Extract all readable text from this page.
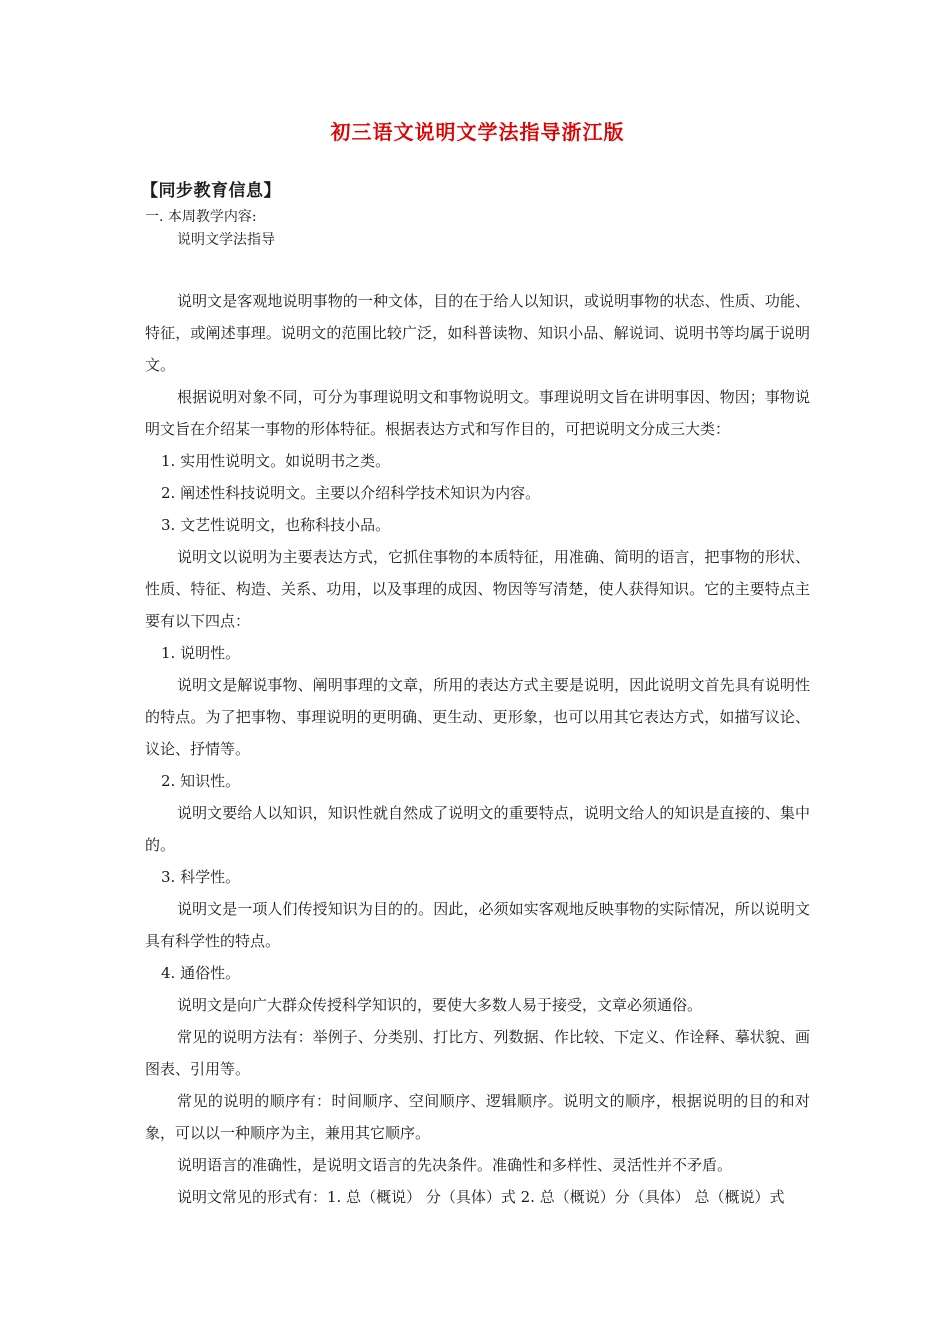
初三语文说明文学法指导浙江版
【同步教育信息】
一. 本周教学内容:
说明文学法指导

说明文是客观地说明事物的一种文体，目的在于给人以知识，或说明事物的状态、性质、功能、特征，或阐述事理。说明文的范围比较广泛，如科普读物、知识小品、解说词、说明书等均属于说明文。

根据说明对象不同，可分为事理说明文和事物说明文。事理说明文旨在讲明事因、物因；事物说明文旨在介绍某一事物的形体特征。根据表达方式和写作目的，可把说明文分成三大类：

1. 实用性说明文。如说明书之类。

2. 阐述性科技说明文。主要以介绍科学技术知识为内容。

3. 文艺性说明文，也称科技小品。

说明文以说明为主要表达方式，它抓住事物的本质特征，用准确、简明的语言，把事物的形状、性质、特征、构造、关系、功用，以及事理的成因、物因等写清楚，使人获得知识。它的主要特点主要有以下四点：

1. 说明性。

说明文是解说事物、阐明事理的文章，所用的表达方式主要是说明，因此说明文首先具有说明性的特点。为了把事物、事理说明的更明确、更生动、更形象，也可以用其它表达方式，如描写议论、议论、抒情等。

2. 知识性。

说明文要给人以知识，知识性就自然成了说明文的重要特点，说明文给人的知识是直接的、集中的。

3. 科学性。

说明文是一项人们传授知识为目的的。因此，必须如实客观地反映事物的实际情况，所以说明文具有科学性的特点。

4. 通俗性。

说明文是向广大群众传授科学知识的，要使大多数人易于接受，文章必须通俗。

常见的说明方法有：举例子、分类别、打比方、列数据、作比较、下定义、作诠释、摹状貌、画图表、引用等。

常见的说明的顺序有：时间顺序、空间顺序、逻辑顺序。说明文的顺序，根据说明的目的和对象，可以以一种顺序为主，兼用其它顺序。

说明语言的准确性，是说明文语言的先决条件。准确性和多样性、灵活性并不矛盾。

说明文常见的形式有：1. 总（概说） 分（具体）式 2. 总（概说）分（具体） 总（概说）式
